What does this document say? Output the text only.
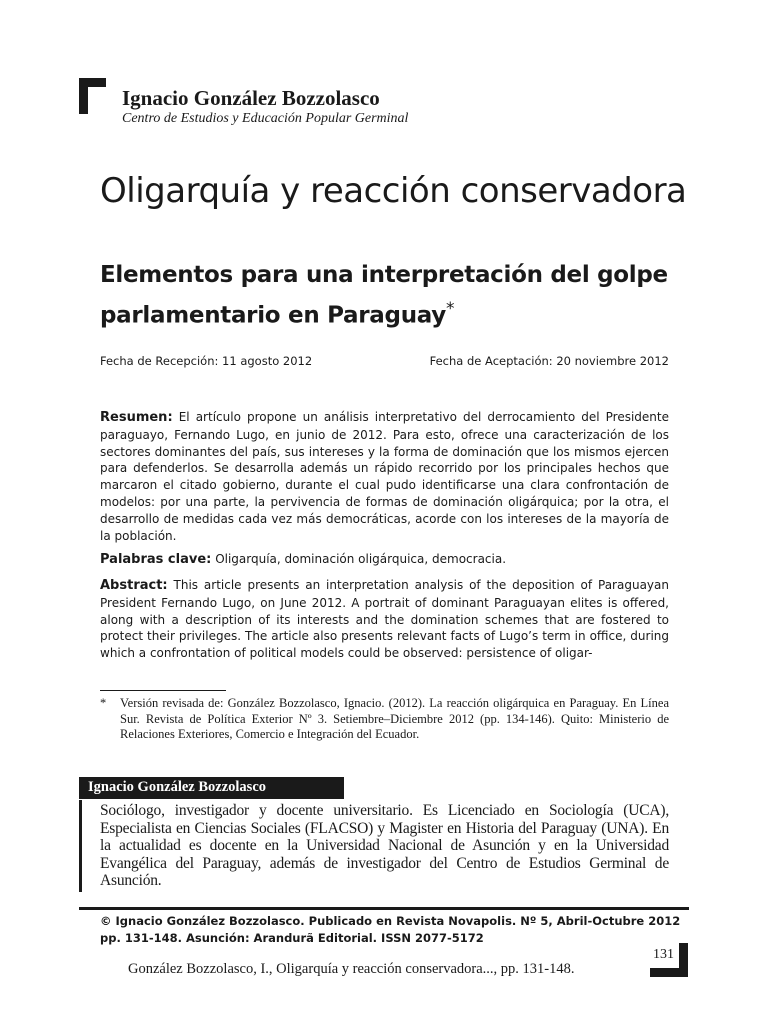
Ignacio González Bozzolasco
Centro de Estudios y Educación Popular Germinal
Oligarquía y reacción conservadora
Elementos para una interpretación del golpe parlamentario en Paraguay*
Fecha de Recepción: 11 agosto 2012	Fecha de Aceptación: 20 noviembre 2012

Resumen: El artículo propone un análisis interpretativo del derrocamiento del Presidente paraguayo, Fernando Lugo, en junio de 2012. Para esto, ofrece una caracterización de los sectores dominantes del país, sus intereses y la forma de dominación que los mismos ejercen para defenderlos. Se desarrolla además un rápido recorrido por los principales hechos que marcaron el citado gobierno, durante el cual pudo identificarse una clara confrontación de modelos: por una parte, la pervivencia de formas de dominación oligárquica; por la otra, el desarrollo de medidas cada vez más democráticas, acorde con los intereses de la mayoría de la población.

Palabras clave: Oligarquía, dominación oligárquica, democracia.

Abstract: This article presents an interpretation analysis of the deposition of Paraguayan President Fernando Lugo, on June 2012. A portrait of dominant Paraguayan elites is offered, along with a description of its interests and the domination schemes that are fostered to protect their privileges. The article also presents relevant facts of Lugo’s term in office, during which a confrontation of political models could be observed: persistence of oligar-

*	Versión revisada de: González Bozzolasco, Ignacio. (2012). La reacción oligárquica en Paraguay. En Línea Sur. Revista de Política Exterior Nº 3. Setiembre–Diciembre 2012 (pp. 134-146). Quito: Ministerio de Relaciones Exteriores, Comercio e Integración del Ecuador.
Ignacio González Bozzolasco
Sociólogo, investigador y docente universitario. Es Licenciado en Sociología (UCA), Especialista en Ciencias Sociales (FLACSO) y Magister en Historia del Paraguay (UNA). En la actualidad es docente en la Universidad Nacional de Asunción y en la Universidad Evangélica del Paraguay, además de investigador del Centro de Estudios Germinal de Asunción.
© Ignacio González Bozzolasco. Publicado en Revista Novapolis. Nº 5, Abril-Octubre 2012 pp. 131-148. Asunción: Arandurã Editorial. ISSN 2077-5172
131
González Bozzolasco, I., Oligarquía y reacción conservadora..., pp. 131-148.
